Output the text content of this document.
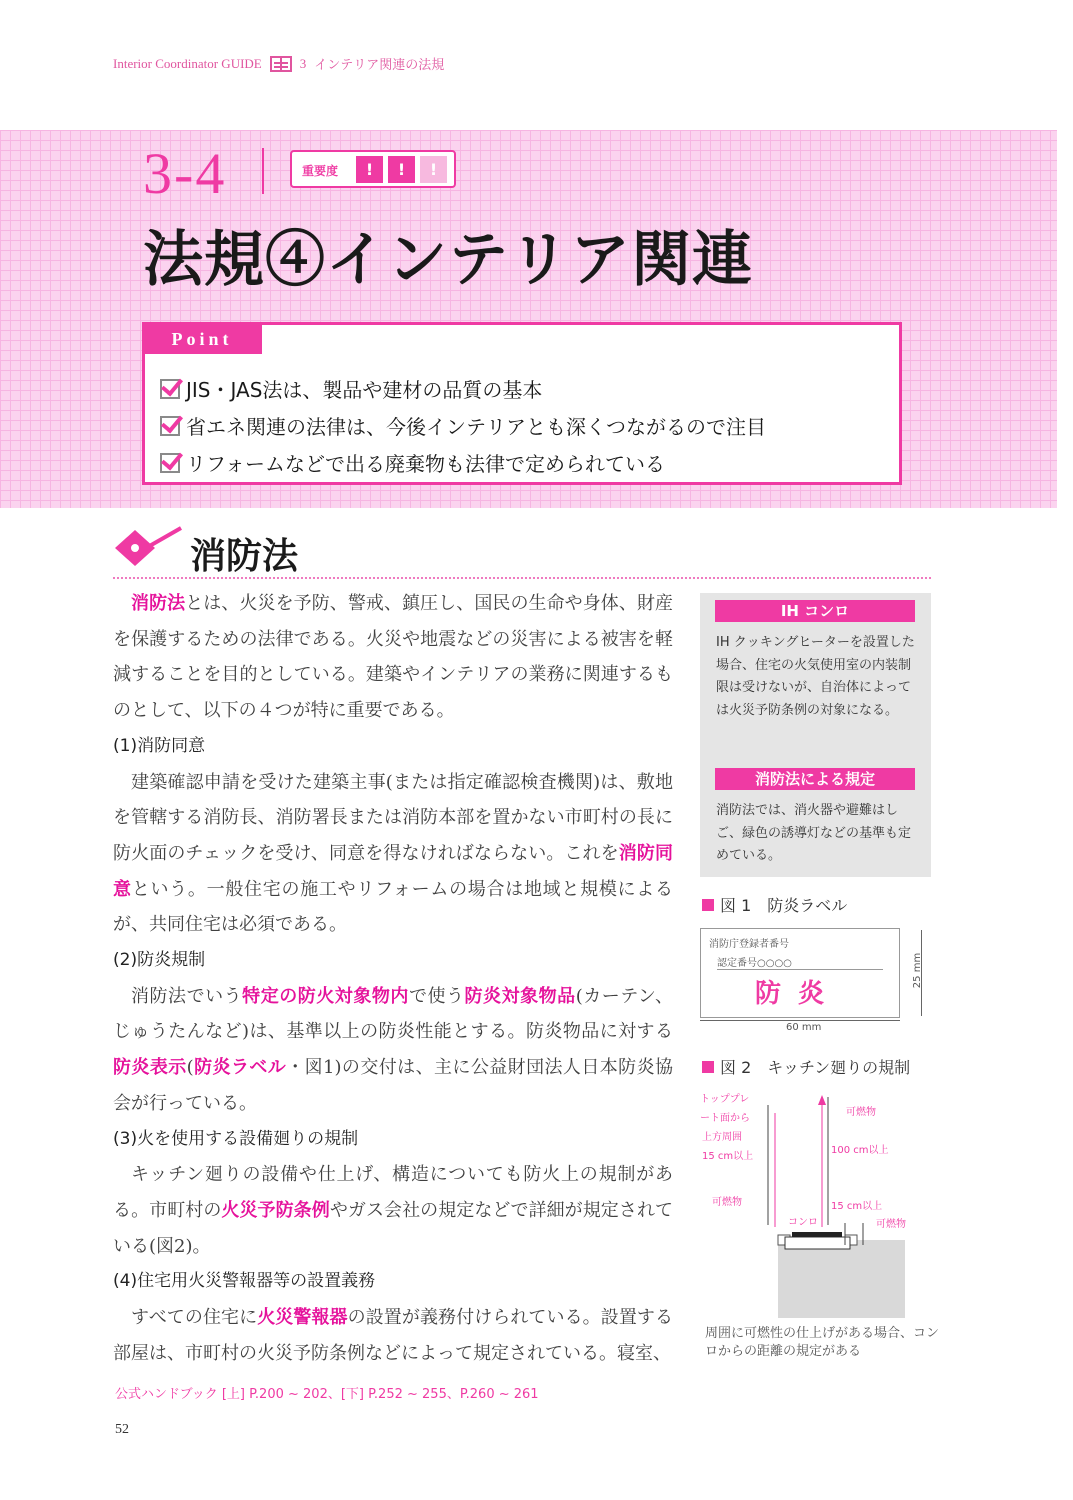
Interior Coordinator GUIDE	3 インテリア関連の法規
3-4	重要度	!	!	!
法規④インテリア関連
Point
JIS・JAS法は、製品や建材の品質の基本
省エネ関連の法律は、今後インテリアとも深くつながるので注目
リフォームなどで出る廃棄物も法律で定められている
消防法

消防法とは、火災を予防、警戒、鎮圧し、国民の生命や身体、財産を保護するための法律である。火災や地震などの災害による被害を軽減することを目的としている。建築やインテリアの業務に関連するものとして、以下の４つが特に重要である。

(1)消防同意

建築確認申請を受けた建築主事(または指定確認検査機関)は、敷地を管轄する消防長、消防署長または消防本部を置かない市町村の長に防火面のチェックを受け、同意を得なければならない。これを消防同意という。一般住宅の施工やリフォームの場合は地域と規模によるが、共同住宅は必須である。

(2)防炎規制

消防法でいう特定の防火対象物内で使う防炎対象物品(カーテン、じゅうたんなど)は、基準以上の防炎性能とする。防炎物品に対する防炎表示(防炎ラベル・図1)の交付は、主に公益財団法人日本防炎協会が行っている。

(3)火を使用する設備廻りの規制

キッチン廻りの設備や仕上げ、構造についても防火上の規制がある。市町村の火災予防条例やガス会社の規定などで詳細が規定されている(図2)。

(4)住宅用火災警報器等の設置義務

すべての住宅に火災警報器の設置が義務付けられている。設置する部屋は、市町村の火災予防条例などによって規定されている。寝室、

公式ハンドブック [上] P.200 ~ 202、[下] P.252 ~ 255、P.260 ~ 261
52
IH コンロ
IH クッキングヒーターを設置した場合、住宅の火気使用室の内装制限は受けないが、自治体によっては火災予防条例の対象になる。
消防法による規定
消防法では、消火器や避難はしご、緑色の誘導灯などの基準も定めている。
図 1　防炎ラベル
消防庁登録者番号
認定番号○○○○
防 炎
60 mm
25 mm
図 2　キッチン廻りの規制
トッププレ
ート面から
上方周囲
15 cm以上
可燃物
可燃物
100 cm以上
15 cm以上
可燃物
コンロ
周囲に可燃性の仕上げがある場合、コンロからの距離の規定がある
